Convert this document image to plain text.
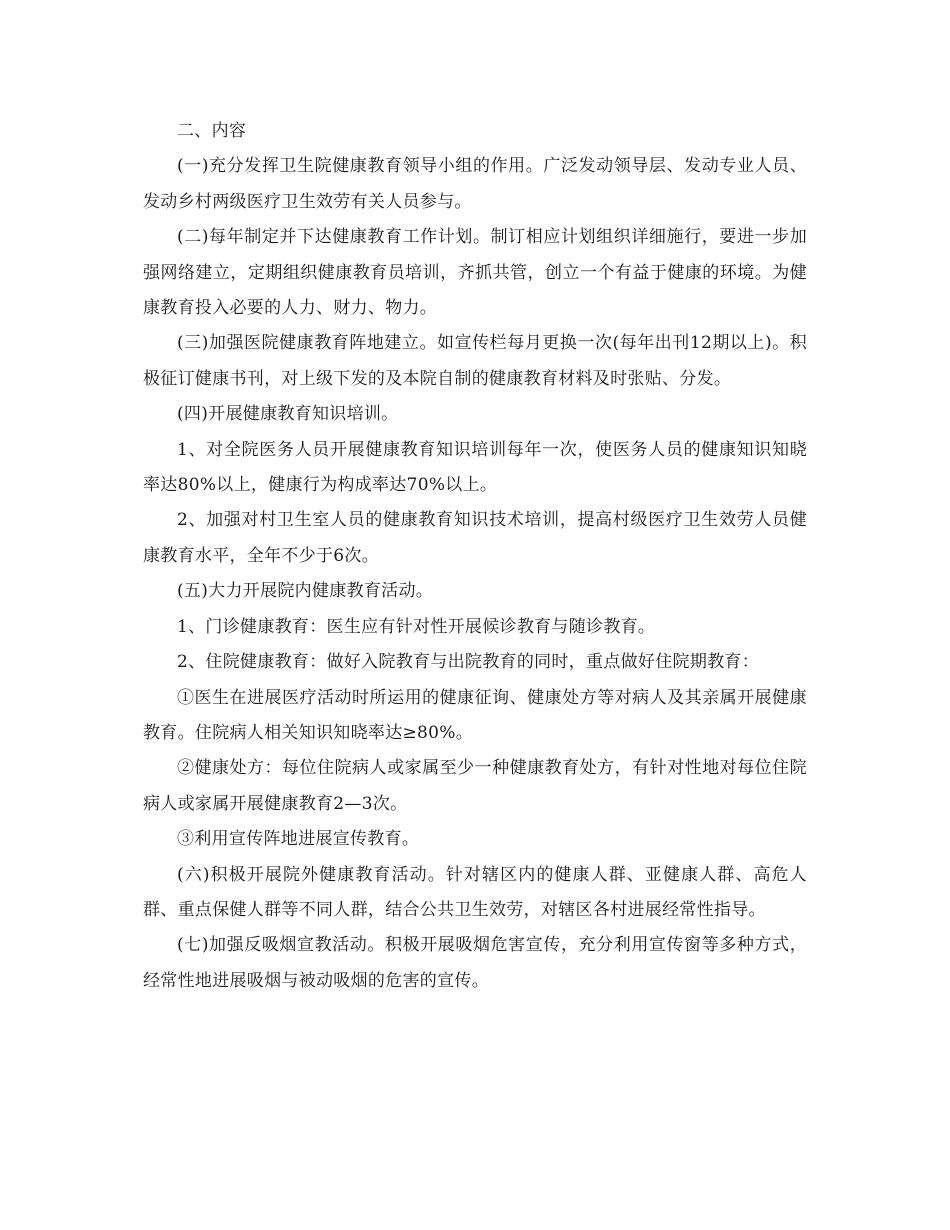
二、内容

(一)充分发挥卫生院健康教育领导小组的作用。广泛发动领导层、发动专业人员、发动乡村两级医疗卫生效劳有关人员参与。

(二)每年制定并下达健康教育工作计划。制订相应计划组织详细施行，要进一步加强网络建立，定期组织健康教育员培训，齐抓共管，创立一个有益于健康的环境。为健康教育投入必要的人力、财力、物力。

(三)加强医院健康教育阵地建立。如宣传栏每月更换一次(每年出刊12期以上)。积极征订健康书刊，对上级下发的及本院自制的健康教育材料及时张贴、分发。

(四)开展健康教育知识培训。

1、对全院医务人员开展健康教育知识培训每年一次，使医务人员的健康知识知晓率达80%以上，健康行为构成率达70%以上。

2、加强对村卫生室人员的健康教育知识技术培训，提高村级医疗卫生效劳人员健康教育水平，全年不少于6次。

(五)大力开展院内健康教育活动。

1、门诊健康教育：医生应有针对性开展候诊教育与随诊教育。

2、住院健康教育：做好入院教育与出院教育的同时，重点做好住院期教育：

①医生在进展医疗活动时所运用的健康征询、健康处方等对病人及其亲属开展健康教育。住院病人相关知识知晓率达≥80%。

②健康处方：每位住院病人或家属至少一种健康教育处方，有针对性地对每位住院病人或家属开展健康教育2—3次。

③利用宣传阵地进展宣传教育。

(六)积极开展院外健康教育活动。针对辖区内的健康人群、亚健康人群、高危人群、重点保健人群等不同人群，结合公共卫生效劳，对辖区各村进展经常性指导。

(七)加强反吸烟宣教活动。积极开展吸烟危害宣传，充分利用宣传窗等多种方式，经常性地进展吸烟与被动吸烟的危害的宣传。
